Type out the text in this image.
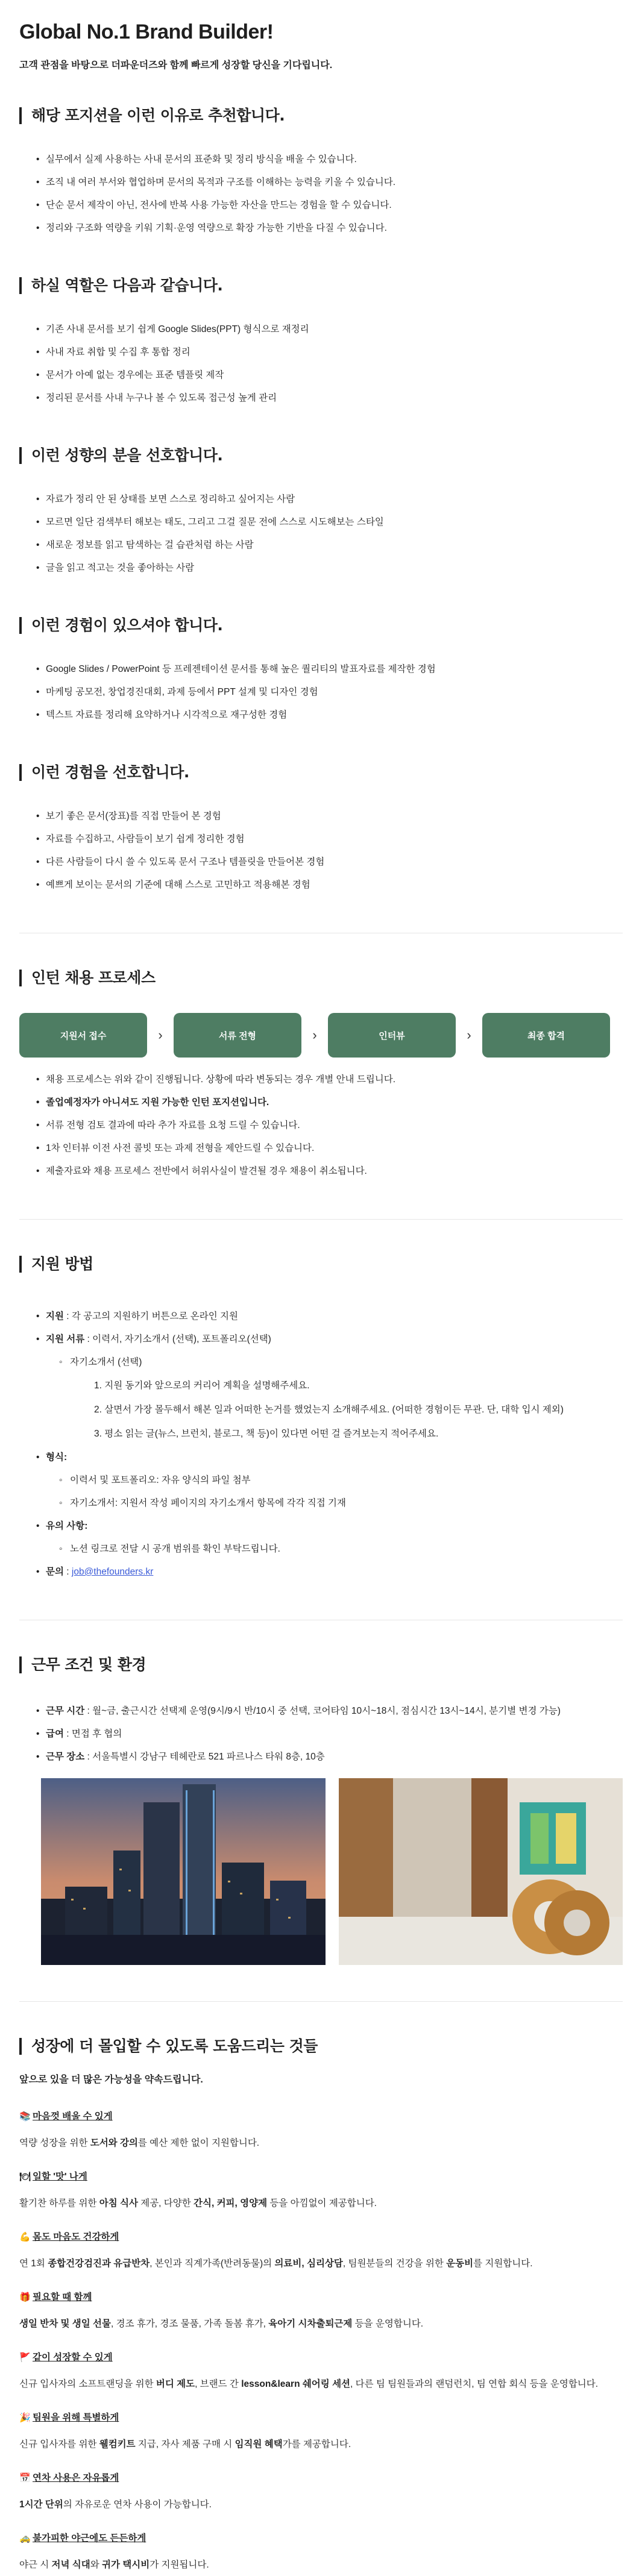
Global No.1 Brand Builder!
고객 관점을 바탕으로 더파운더즈와 함께 빠르게 성장할 당신을 기다립니다.
해당 포지션을 이런 이유로 추천합니다.
• 실무에서 실제 사용하는 사내 문서의 표준화 및 정리 방식을 배울 수 있습니다.
• 조직 내 여러 부서와 협업하며 문서의 목적과 구조를 이해하는 능력을 키울 수 있습니다.
• 단순 문서 제작이 아닌, 전사에 반복 사용 가능한 자산을 만드는 경험을 할 수 있습니다.
• 정리와 구조화 역량을 키워 기획·운영 역량으로 확장 가능한 기반을 다질 수 있습니다.
하실 역할은 다음과 같습니다.
• 기존 사내 문서를 보기 쉽게 Google Slides(PPT) 형식으로 재정리
• 사내 자료 취합 및 수집 후 통합 정리
• 문서가 아예 없는 경우에는 표준 템플릿 제작
• 정리된 문서를 사내 누구나 볼 수 있도록 접근성 높게 관리
이런 성향의 분을 선호합니다.
• 자료가 정리 안 된 상태를 보면 스스로 정리하고 싶어지는 사람
• 모르면 일단 검색부터 해보는 태도, 그리고 그걸 질문 전에 스스로 시도해보는 스타일
• 새로운 정보를 읽고 탐색하는 걸 습관처럼 하는 사람
• 글을 읽고 적고는 것을 좋아하는 사람
이런 경험이 있으셔야 합니다.
• Google Slides / PowerPoint 등 프레젠테이션 문서를 통해 높은 퀄리티의 발표자료를 제작한 경험
• 마케팅 공모전, 창업경진대회, 과제 등에서 PPT 설계 및 디자인 경험
• 텍스트 자료를 정리해 요약하거나 시각적으로 재구성한 경험
이런 경험을 선호합니다.
• 보기 좋은 문서(장표)를 직접 만들어 본 경험
• 자료를 수집하고, 사람들이 보기 쉽게 정리한 경험
• 다른 사람들이 다시 쓸 수 있도록 문서 구조나 템플릿을 만들어본 경험
• 예쁘게 보이는 문서의 기준에 대해 스스로 고민하고 적용해본 경험
인턴 채용 프로세스
지원서 접수	›	서류 전형	›	인터뷰	›	최종 합격
• 채용 프로세스는 위와 같이 진행됩니다. 상황에 따라 변동되는 경우 개별 안내 드립니다.
• 졸업예정자가 아니셔도 지원 가능한 인턴 포지션입니다.
• 서류 전형 검토 결과에 따라 추가 자료를 요청 드릴 수 있습니다.
• 1차 인터뷰 이전 사전 콜빗 또는 과제 전형을 제안드릴 수 있습니다.
• 제출자료와 채용 프로세스 전반에서 허위사실이 발견될 경우 채용이 취소됩니다.
지원 방법
• 지원 : 각 공고의 지원하기 버튼으로 온라인 지원
• 지원 서류 : 이력서, 자기소개서 (선택), 포트폴리오(선택)
◦ 자기소개서 (선택)
1. 지원 동기와 앞으로의 커리어 계획을 설명해주세요.
2. 살면서 가장 몰두해서 해본 일과 어떠한 논거를 했었는지 소개해주세요. (어떠한 경험이든 무관. 단, 대학 입시 제외)
3. 평소 읽는 글(뉴스, 브런치, 블로그, 책 등)이 있다면 어떤 걸 즐겨보는지 적어주세요.
• 형식:
◦ 이력서 및 포트폴리오: 자유 양식의 파일 첨부
◦ 자기소개서: 지원서 작성 페이지의 자기소개서 항목에 각각 직접 기재
• 유의 사항:
◦ 노션 링크로 전달 시 공개 범위를 확인 부탁드립니다.
• 문의 : job@thefounders.kr
근무 조건 및 환경
• 근무 시간 : 월~금, 출근시간 선택제 운영(9시/9시 반/10시 중 선택, 코어타임 10시~18시, 점심시간 13시~14시, 분기별 변경 가능)
• 급여 : 면접 후 협의
• 근무 장소 : 서울특별시 강남구 테헤란로 521 파르나스 타워 8층, 10층
성장에 더 몰입할 수 있도록 도움드리는 것들
앞으로 있을 더 많은 가능성을 약속드립니다.
📚 마음껏 배울 수 있게
역량 성장을 위한 도서와 강의를 예산 제한 없이 지원합니다.
🍽 일할 '맛' 나게
활기찬 하루를 위한 아침 식사 제공, 다양한 간식, 커피, 영양제 등을 아낌없이 제공합니다.
💪 몸도 마음도 건강하게
연 1회 종합건강검진과 유급반차, 본인과 직계가족(반려동물)의 의료비, 심리상담, 팀원분들의 건강을 위한 운동비를 지원합니다.
🎁 필요할 때 함께
생일 반차 및 생일 선물, 경조 휴가, 경조 물품, 가족 돌봄 휴가, 육아기 시차출퇴근제 등을 운영합니다.
🚩 같이 성장할 수 있게
신규 입사자의 소프트랜딩을 위한 버디 제도, 브랜드 간 lesson&learn 쉐어링 세션, 다른 팀 팀원들과의 랜덤런치, 팀 연합 회식 등을 운영합니다.
🎉 팀원을 위해 특별하게
신규 입사자를 위한 웰컴키트 지급, 자사 제품 구매 시 임직원 혜택가를 제공합니다.
📅 연차 사용은 자유롭게
1시간 단위의 자유로운 연차 사용이 가능합니다.
🚕 불가피한 야근에도 든든하게
야근 시 저녁 식대와 귀가 택시비가 지원됩니다.
